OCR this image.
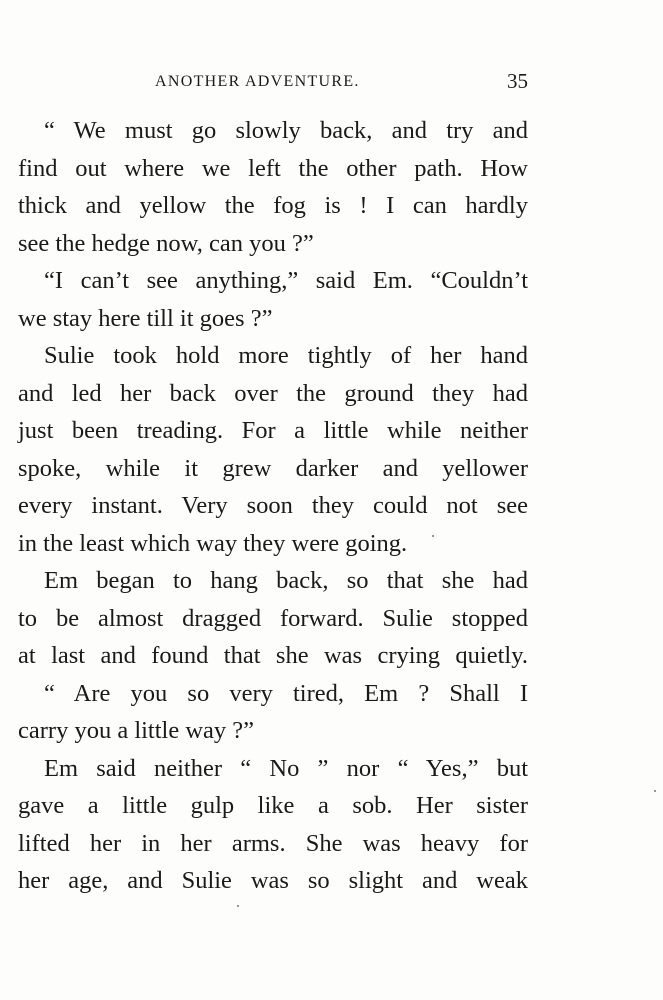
ANOTHER ADVENTURE.	35
“ We must go slowly back, and try and
find out where we left the other path. How
thick and yellow the fog is ! I can hardly
see the hedge now, can you ?”
“I can’t see anything,” said Em. “Couldn’t
we stay here till it goes ?”
Sulie took hold more tightly of her hand
and led her back over the ground they had
just been treading. For a little while neither
spoke, while it grew darker and yellower
every instant. Very soon they could not see
in the least which way they were going.
Em began to hang back, so that she had
to be almost dragged forward. Sulie stopped
at last and found that she was crying quietly.
“ Are you so very tired, Em ? Shall I
carry you a little way ?”
Em said neither “ No ” nor “ Yes,” but
gave a little gulp like a sob. Her sister
lifted her in her arms. She was heavy for
her age, and Sulie was so slight and weak
